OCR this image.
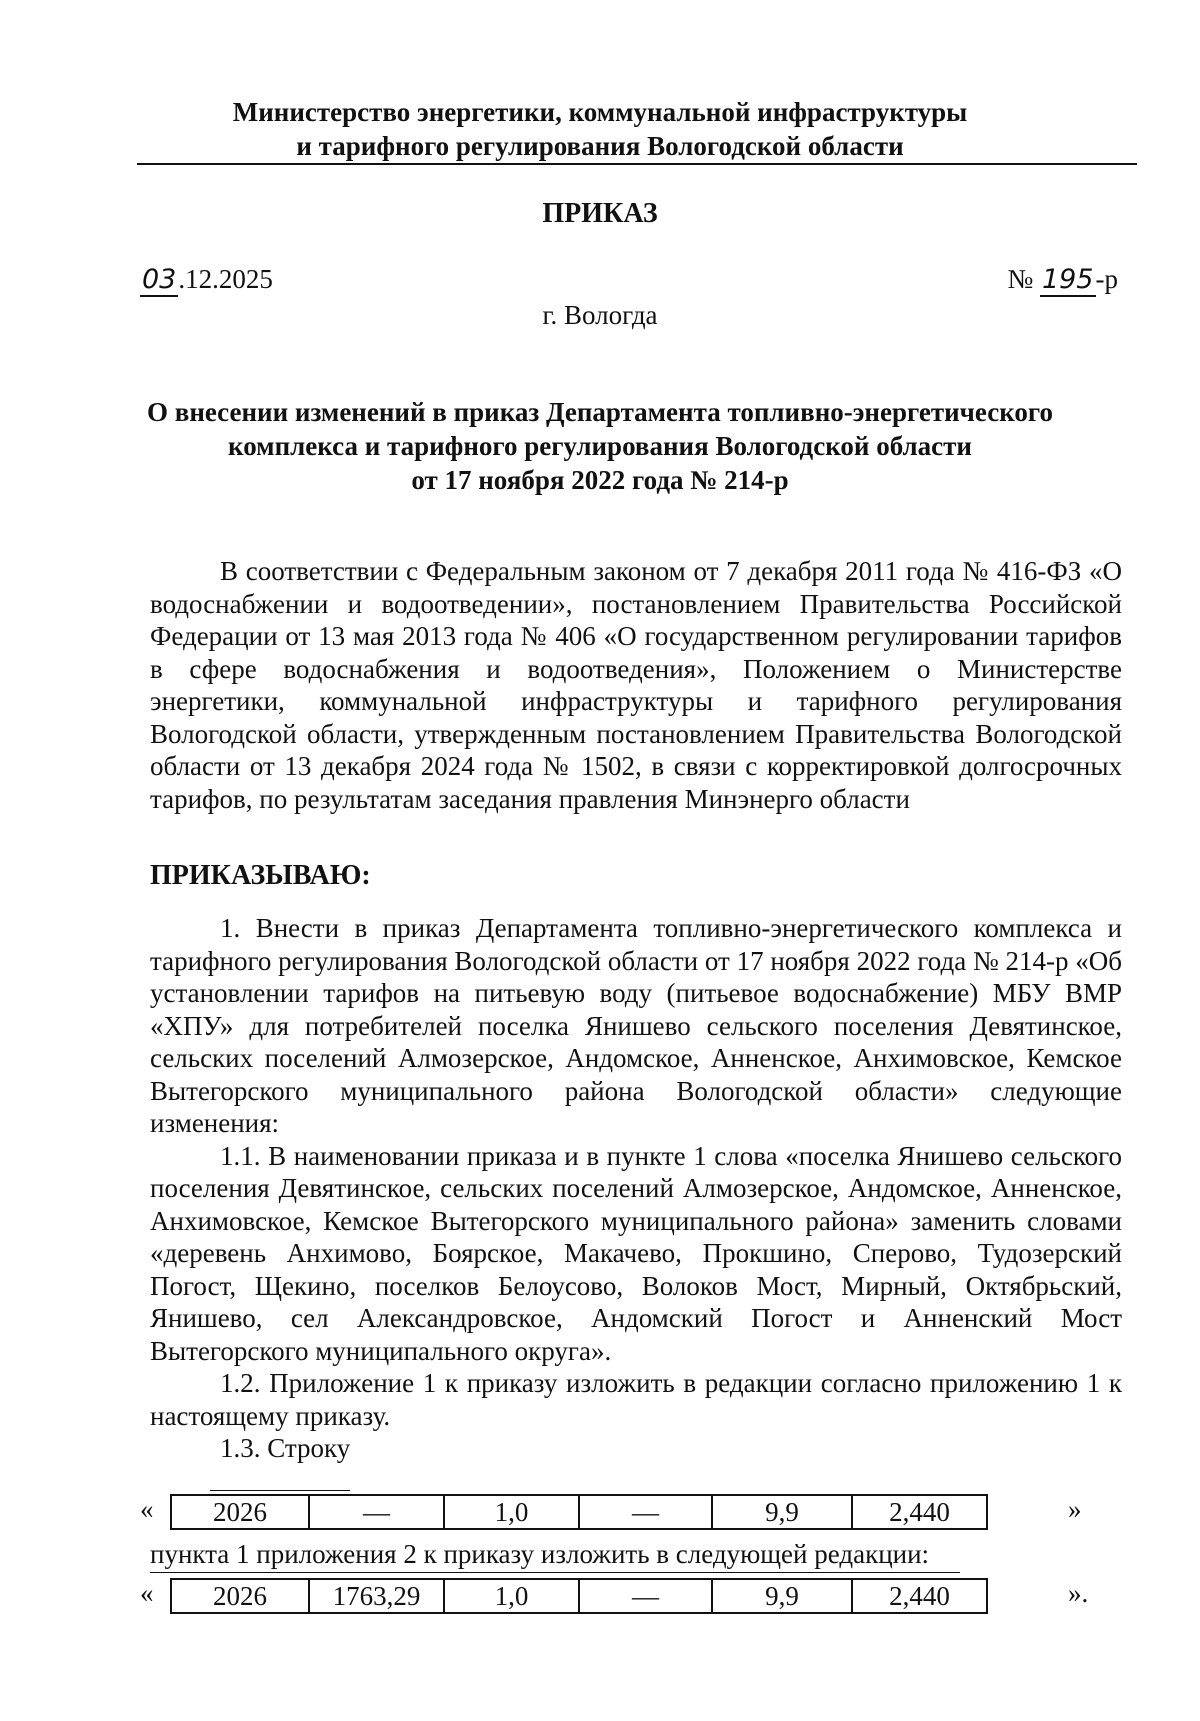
Министерство энергетики, коммунальной инфраструктуры
и тарифного регулирования Вологодской области
ПРИКАЗ
03.12.2025	№ 195-р
г. Вологда
О внесении изменений в приказ Департамента топливно-энергетического
комплекса и тарифного регулирования Вологодской области
от 17 ноября 2022 года № 214-р

В соответствии с Федеральным законом от 7 декабря 2011 года № 416-ФЗ «О водоснабжении и водоотведении», постановлением Правительства Российской Федерации от 13 мая 2013 года № 406 «О государственном регулировании тарифов в сфере водоснабжения и водоотведения», Положением о Министерстве энергетики, коммунальной инфраструктуры и тарифного регулирования Вологодской области, утвержденным постановлением Правительства Вологодской области от 13 декабря 2024 года № 1502, в связи с корректировкой долгосрочных тарифов, по результатам заседания правления Минэнерго области

ПРИКАЗЫВАЮ:

1. Внести в приказ Департамента топливно-энергетического комплекса и тарифного регулирования Вологодской области от 17 ноября 2022 года № 214-р «Об установлении тарифов на питьевую воду (питьевое водоснабжение) МБУ ВМР «ХПУ» для потребителей поселка Янишево сельского поселения Девятинское, сельских поселений Алмозерское, Андомское, Анненское, Анхимовское, Кемское Вытегорского муниципального района Вологодской области» следующие изменения:

1.1. В наименовании приказа и в пункте 1 слова «поселка Янишево сельского поселения Девятинское, сельских поселений Алмозерское, Андомское, Анненское, Анхимовское, Кемское Вытегорского муниципального района» заменить словами «деревень Анхимово, Боярское, Макачево, Прокшино, Сперово, Тудозерский Погост, Щекино, поселков Белоусово, Волоков Мост, Мирный, Октябрьский, Янишево, сел Александровское, Андомский Погост и Анненский Мост Вытегорского муниципального округа».

1.2. Приложение 1 к приказу изложить в редакции согласно приложению 1 к настоящему приказу.

1.3. Строку

« 2026	—	1,0	—	9,9	2,440	»
пункта 1 приложения 2 к приказу изложить в следующей редакции:
« 2026	1763,29	1,0	—	9,9	2,440	».
